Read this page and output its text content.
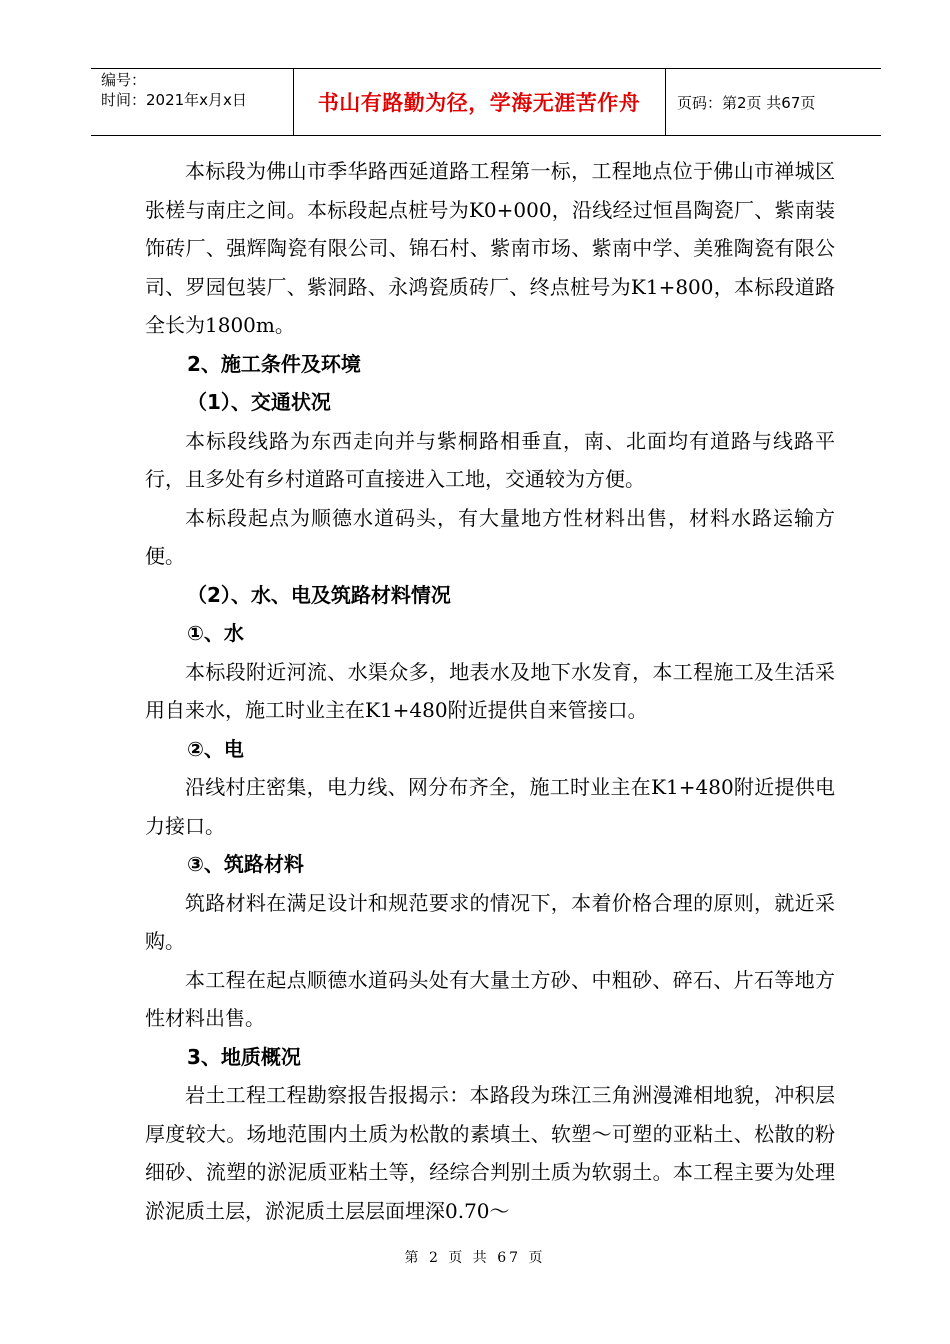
编号：
时间：2021年x月x日	书山有路勤为径，学海无涯苦作舟	页码：第2页 共67页

本标段为佛山市季华路西延道路工程第一标，工程地点位于佛山市禅城区张槎与南庄之间。本标段起点桩号为K0+000，沿线经过恒昌陶瓷厂、紫南装饰砖厂、强辉陶瓷有限公司、锦石村、紫南市场、紫南中学、美雅陶瓷有限公司、罗园包装厂、紫洞路、永鸿瓷质砖厂、终点桩号为K1+800，本标段道路全长为1800m。

2、施工条件及环境
（1）、交通状况

本标段线路为东西走向并与紫桐路相垂直，南、北面均有道路与线路平行，且多处有乡村道路可直接进入工地，交通较为方便。

本标段起点为顺德水道码头，有大量地方性材料出售，材料水路运输方便。

（2）、水、电及筑路材料情况
①、水

本标段附近河流、水渠众多，地表水及地下水发育，本工程施工及生活采用自来水，施工时业主在K1+480附近提供自来管接口。

②、电

沿线村庄密集，电力线、网分布齐全，施工时业主在K1+480附近提供电力接口。

③、筑路材料

筑路材料在满足设计和规范要求的情况下，本着价格合理的原则，就近采购。

本工程在起点顺德水道码头处有大量土方砂、中粗砂、碎石、片石等地方性材料出售。

3、地质概况

岩土工程工程勘察报告报揭示：本路段为珠江三角洲漫滩相地貌，冲积层厚度较大。场地范围内土质为松散的素填土、软塑～可塑的亚粘土、松散的粉细砂、流塑的淤泥质亚粘土等，经综合判别土质为软弱土。本工程主要为处理淤泥质土层，淤泥质土层层面埋深0.70～

第 2 页 共 67 页
